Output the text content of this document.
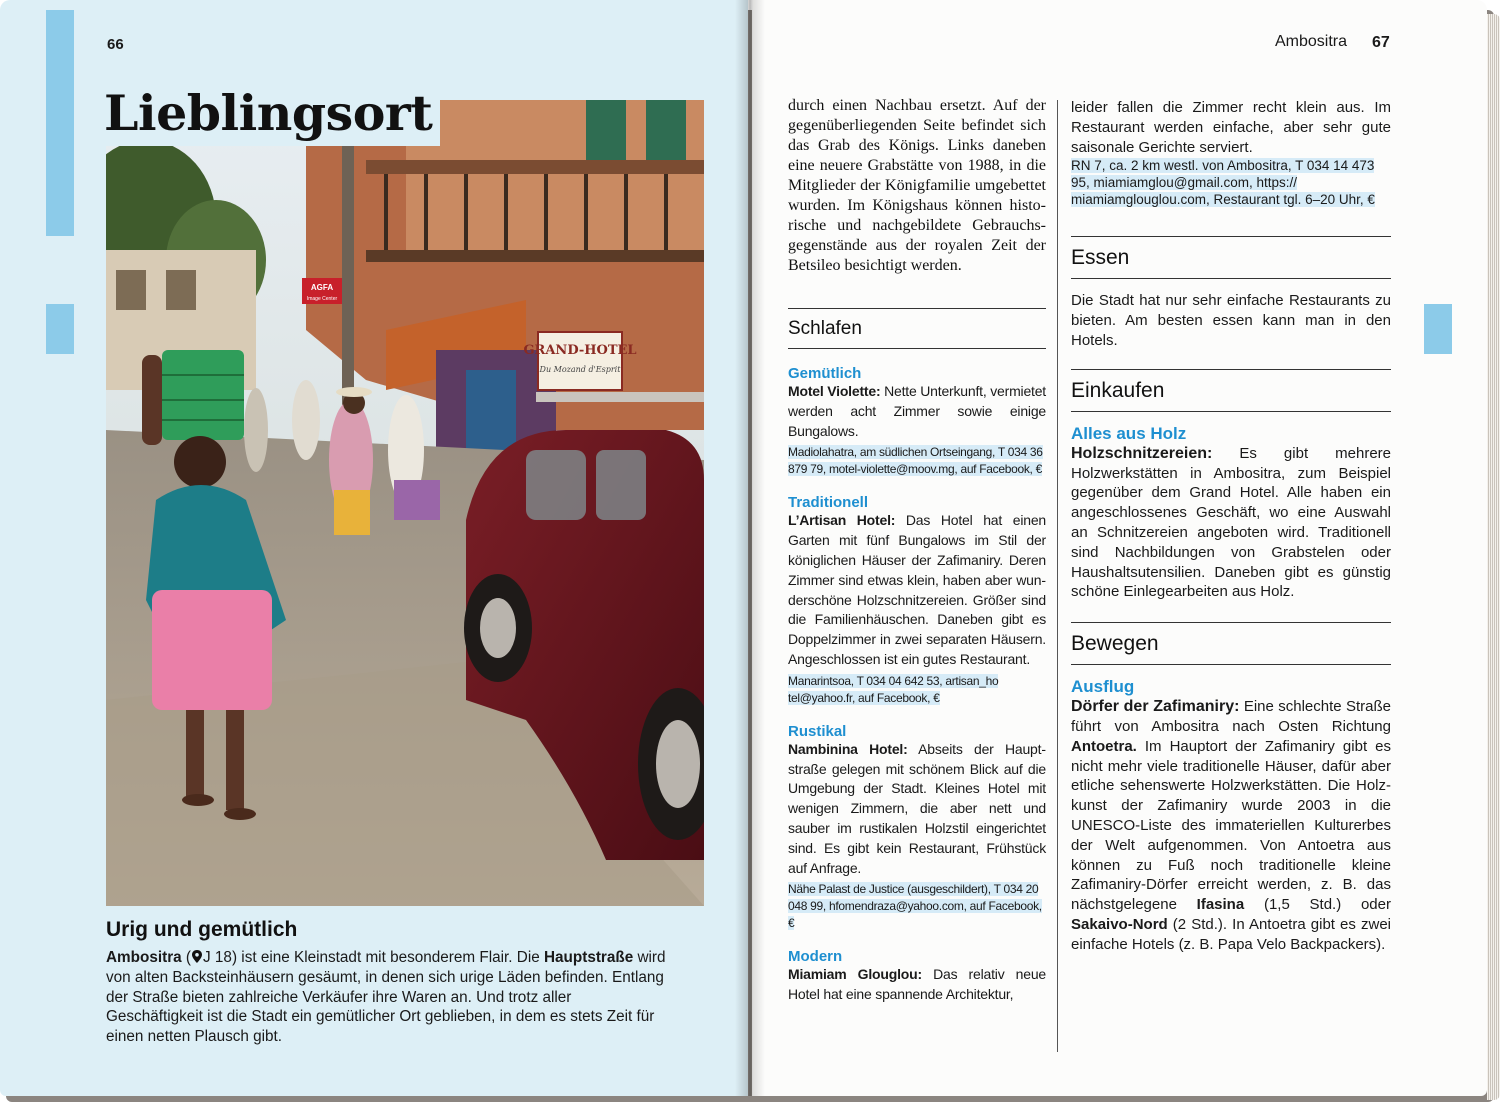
66
GRAND-HOTEL
Du Mozand d'Esprit
AGFA
Image Center
Lieblingsort
Urig und gemütlich
Ambositra ( J 18) ist eine Kleinstadt mit besonderem Flair. Die Hauptstraße wird von alten Backsteinhäusern gesäumt, in denen sich urige Läden befinden. Entlang der Straße bieten zahlreiche Verkäufer ihre Waren an. Und trotz aller Geschäftigkeit ist die Stadt ein gemütlicher Ort geblieben, in dem es stets Zeit für einen netten Plausch gibt.
Ambositra 67

durch einen Nachbau ersetzt. Auf der gegenüberliegenden Seite befindet sich das Grab des Königs. Links daneben eine neuere Grabstätte von 1988, in die Mitglieder der Königfamilie umgebettet wurden. Im Königshaus können historische und nachgebildete Gebrauchsgegenstände aus der royalen Zeit der Betsileo besichtigt werden.

Schlafen
Gemütlich

Motel Violette: Nette Unterkunft, vermietet werden acht Zimmer sowie einige Bungalows.

Madiolahatra, am südlichen Ortseingang, T 034 36 879 79, motel-violette@moov.mg, auf Facebook, €

Traditionell

L’Artisan Hotel: Das Hotel hat einen Garten mit fünf Bungalows im Stil der königlichen Häuser der Zafimaniry. Deren Zimmer sind etwas klein, haben aber wunderschöne Holzschnitzereien. Größer sind die Familienhäuschen. Daneben gibt es Doppelzimmer in zwei separaten Häusern. Angeschlossen ist ein gutes Restaurant.

Manarintsoa, T 034 04 642 53, artisan_ho tel@yahoo.fr, auf Facebook, €

Rustikal

Nambinina Hotel: Abseits der Hauptstraße gelegen mit schönem Blick auf die Umgebung der Stadt. Kleines Hotel mit wenigen Zimmern, die aber nett und sauber im rustikalen Holzstil eingerichtet sind. Es gibt kein Restaurant, Frühstück auf Anfrage.

Nähe Palast de Justice (ausgeschildert), T 034 20 048 99, hfomendraza@yahoo.com, auf Facebook, €

Modern

Miamiam Glouglou: Das relativ neue Hotel hat eine spannende Architektur,

leider fallen die Zimmer recht klein aus. Im Restaurant werden einfache, aber sehr gute saisonale Gerichte serviert.

RN 7, ca. 2 km westl. von Ambositra, T 034 14 473 95, miamiamglou@gmail.com, https:// miamiamglouglou.com, Restaurant tgl. 6–20 Uhr, €

Essen

Die Stadt hat nur sehr einfache Restaurants zu bieten. Am besten essen kann man in den Hotels.

Einkaufen
Alles aus Holz

Holzschnitzereien: Es gibt mehrere Holzwerkstätten in Ambositra, zum Beispiel gegenüber dem Grand Hotel. Alle haben ein angeschlossenes Geschäft, wo eine Auswahl an Schnitzereien angeboten wird. Traditionell sind Nachbildungen von Grabstelen oder Haushaltsutensilien. Daneben gibt es günstig schöne Einlegearbeiten aus Holz.

Bewegen
Ausflug

Dörfer der Zafimaniry: Eine schlechte Straße führt von Ambositra nach Osten Richtung Antoetra. Im Hauptort der Zafimaniry gibt es nicht mehr viele traditionelle Häuser, dafür aber etliche sehenswerte Holzwerkstätten. Die Holzkunst der Zafimaniry wurde 2003 in die UNESCO-Liste des immateriellen Kulturerbes der Welt aufgenommen. Von Antoetra aus können zu Fuß noch traditionelle kleine Zafimaniry-Dörfer erreicht werden, z. B. das nächstgelegene Ifasina (1,5 Std.) oder Sakaivo-Nord (2 Std.). In Antoetra gibt es zwei einfache Hotels (z. B. Papa Velo Backpackers).
